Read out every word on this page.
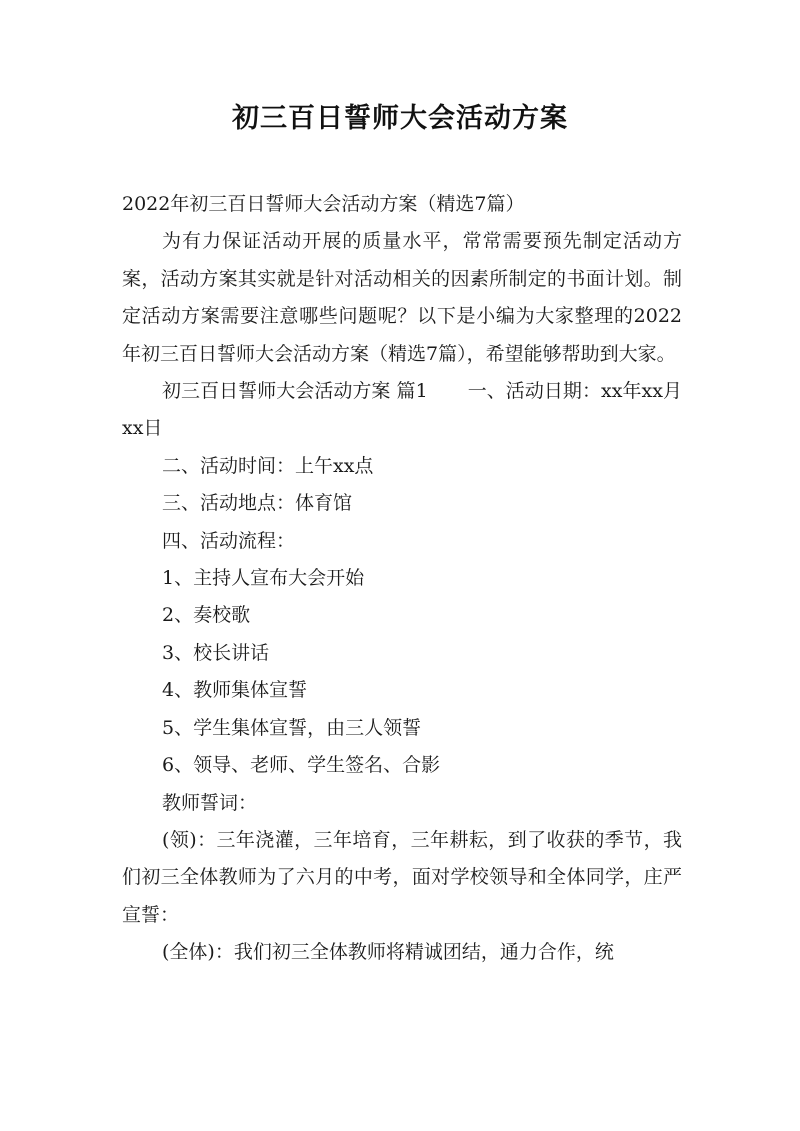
初三百日誓师大会活动方案

2022年初三百日誓师大会活动方案（精选7篇）

为有力保证活动开展的质量水平，常常需要预先制定活动方案，活动方案其实就是针对活动相关的因素所制定的书面计划。制定活动方案需要注意哪些问题呢？以下是小编为大家整理的2022年初三百日誓师大会活动方案（精选7篇），希望能够帮助到大家。

初三百日誓师大会活动方案 篇1 一、活动日期：xx年xx月xx日

二、活动时间：上午xx点

三、活动地点：体育馆

四、活动流程：

1、主持人宣布大会开始

2、奏校歌

3、校长讲话

4、教师集体宣誓

5、学生集体宣誓，由三人领誓

6、领导、老师、学生签名、合影

教师誓词：

(领)：三年浇灌，三年培育，三年耕耘，到了收获的季节，我们初三全体教师为了六月的中考，面对学校领导和全体同学，庄严宣誓：

(全体)：我们初三全体教师将精诚团结，通力合作，统
